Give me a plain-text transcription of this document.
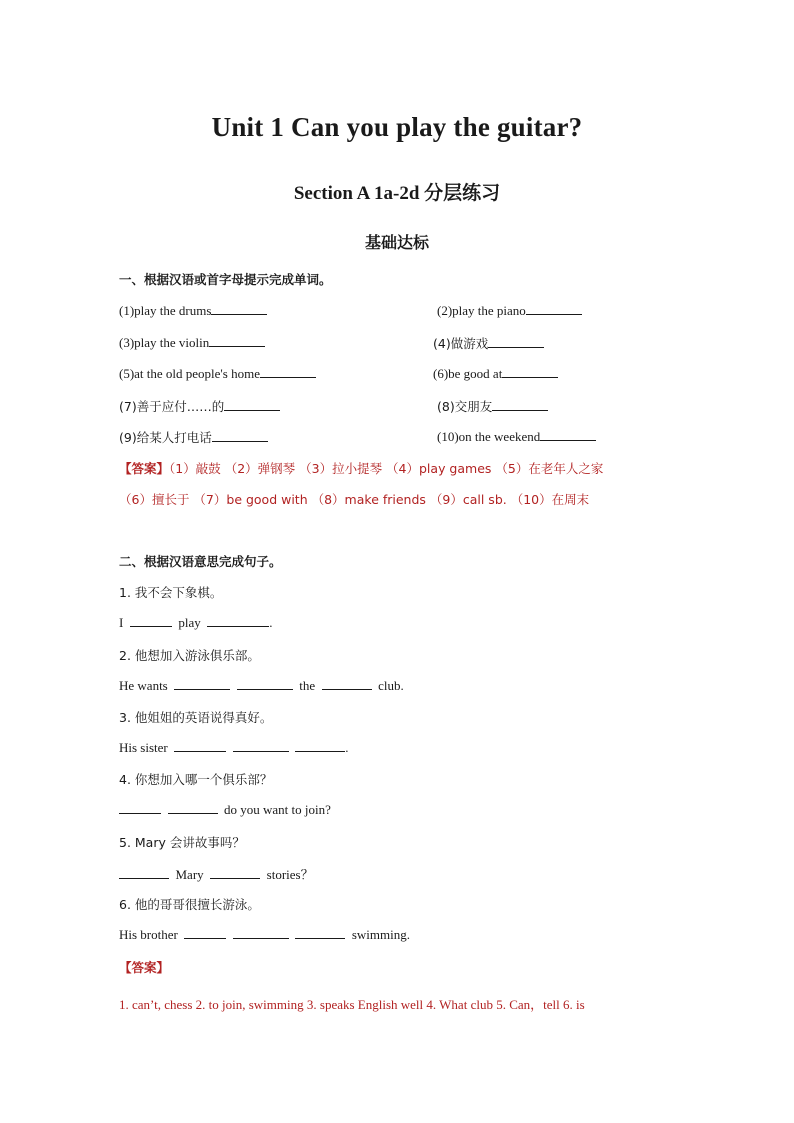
Unit 1 Can you play the guitar?
Section A 1a-2d 分层练习
基础达标
一、根据汉语或首字母提示完成单词。
(1)play the drums	(2)play the piano
(3)play the violin	(4)做游戏
(5)at the old people's home	(6)be good at
(7)善于应付……的	(8)交朋友
(9)给某人打电话	(10)on the weekend
【答案】（1）敲鼓 （2）弹钢琴 （3）拉小提琴 （4）play games （5）在老年人之家
（6）擅长于 （7）be good with （8）make friends （9）call sb. （10）在周末
二、根据汉语意思完成句子。
1. 我不会下象棋。
I	play	.
2. 他想加入游泳俱乐部。
He wants	the	club.
3. 他姐姐的英语说得真好。
His sister	.
4. 你想加入哪一个俱乐部？
do you want to join?
5. Mary 会讲故事吗？
Mary	stories？
6. 他的哥哥很擅长游泳。
His brother	swimming.
【答案】
1. can’t, chess 2. to join, swimming 3. speaks English well 4. What club 5. Can，tell 6. is
